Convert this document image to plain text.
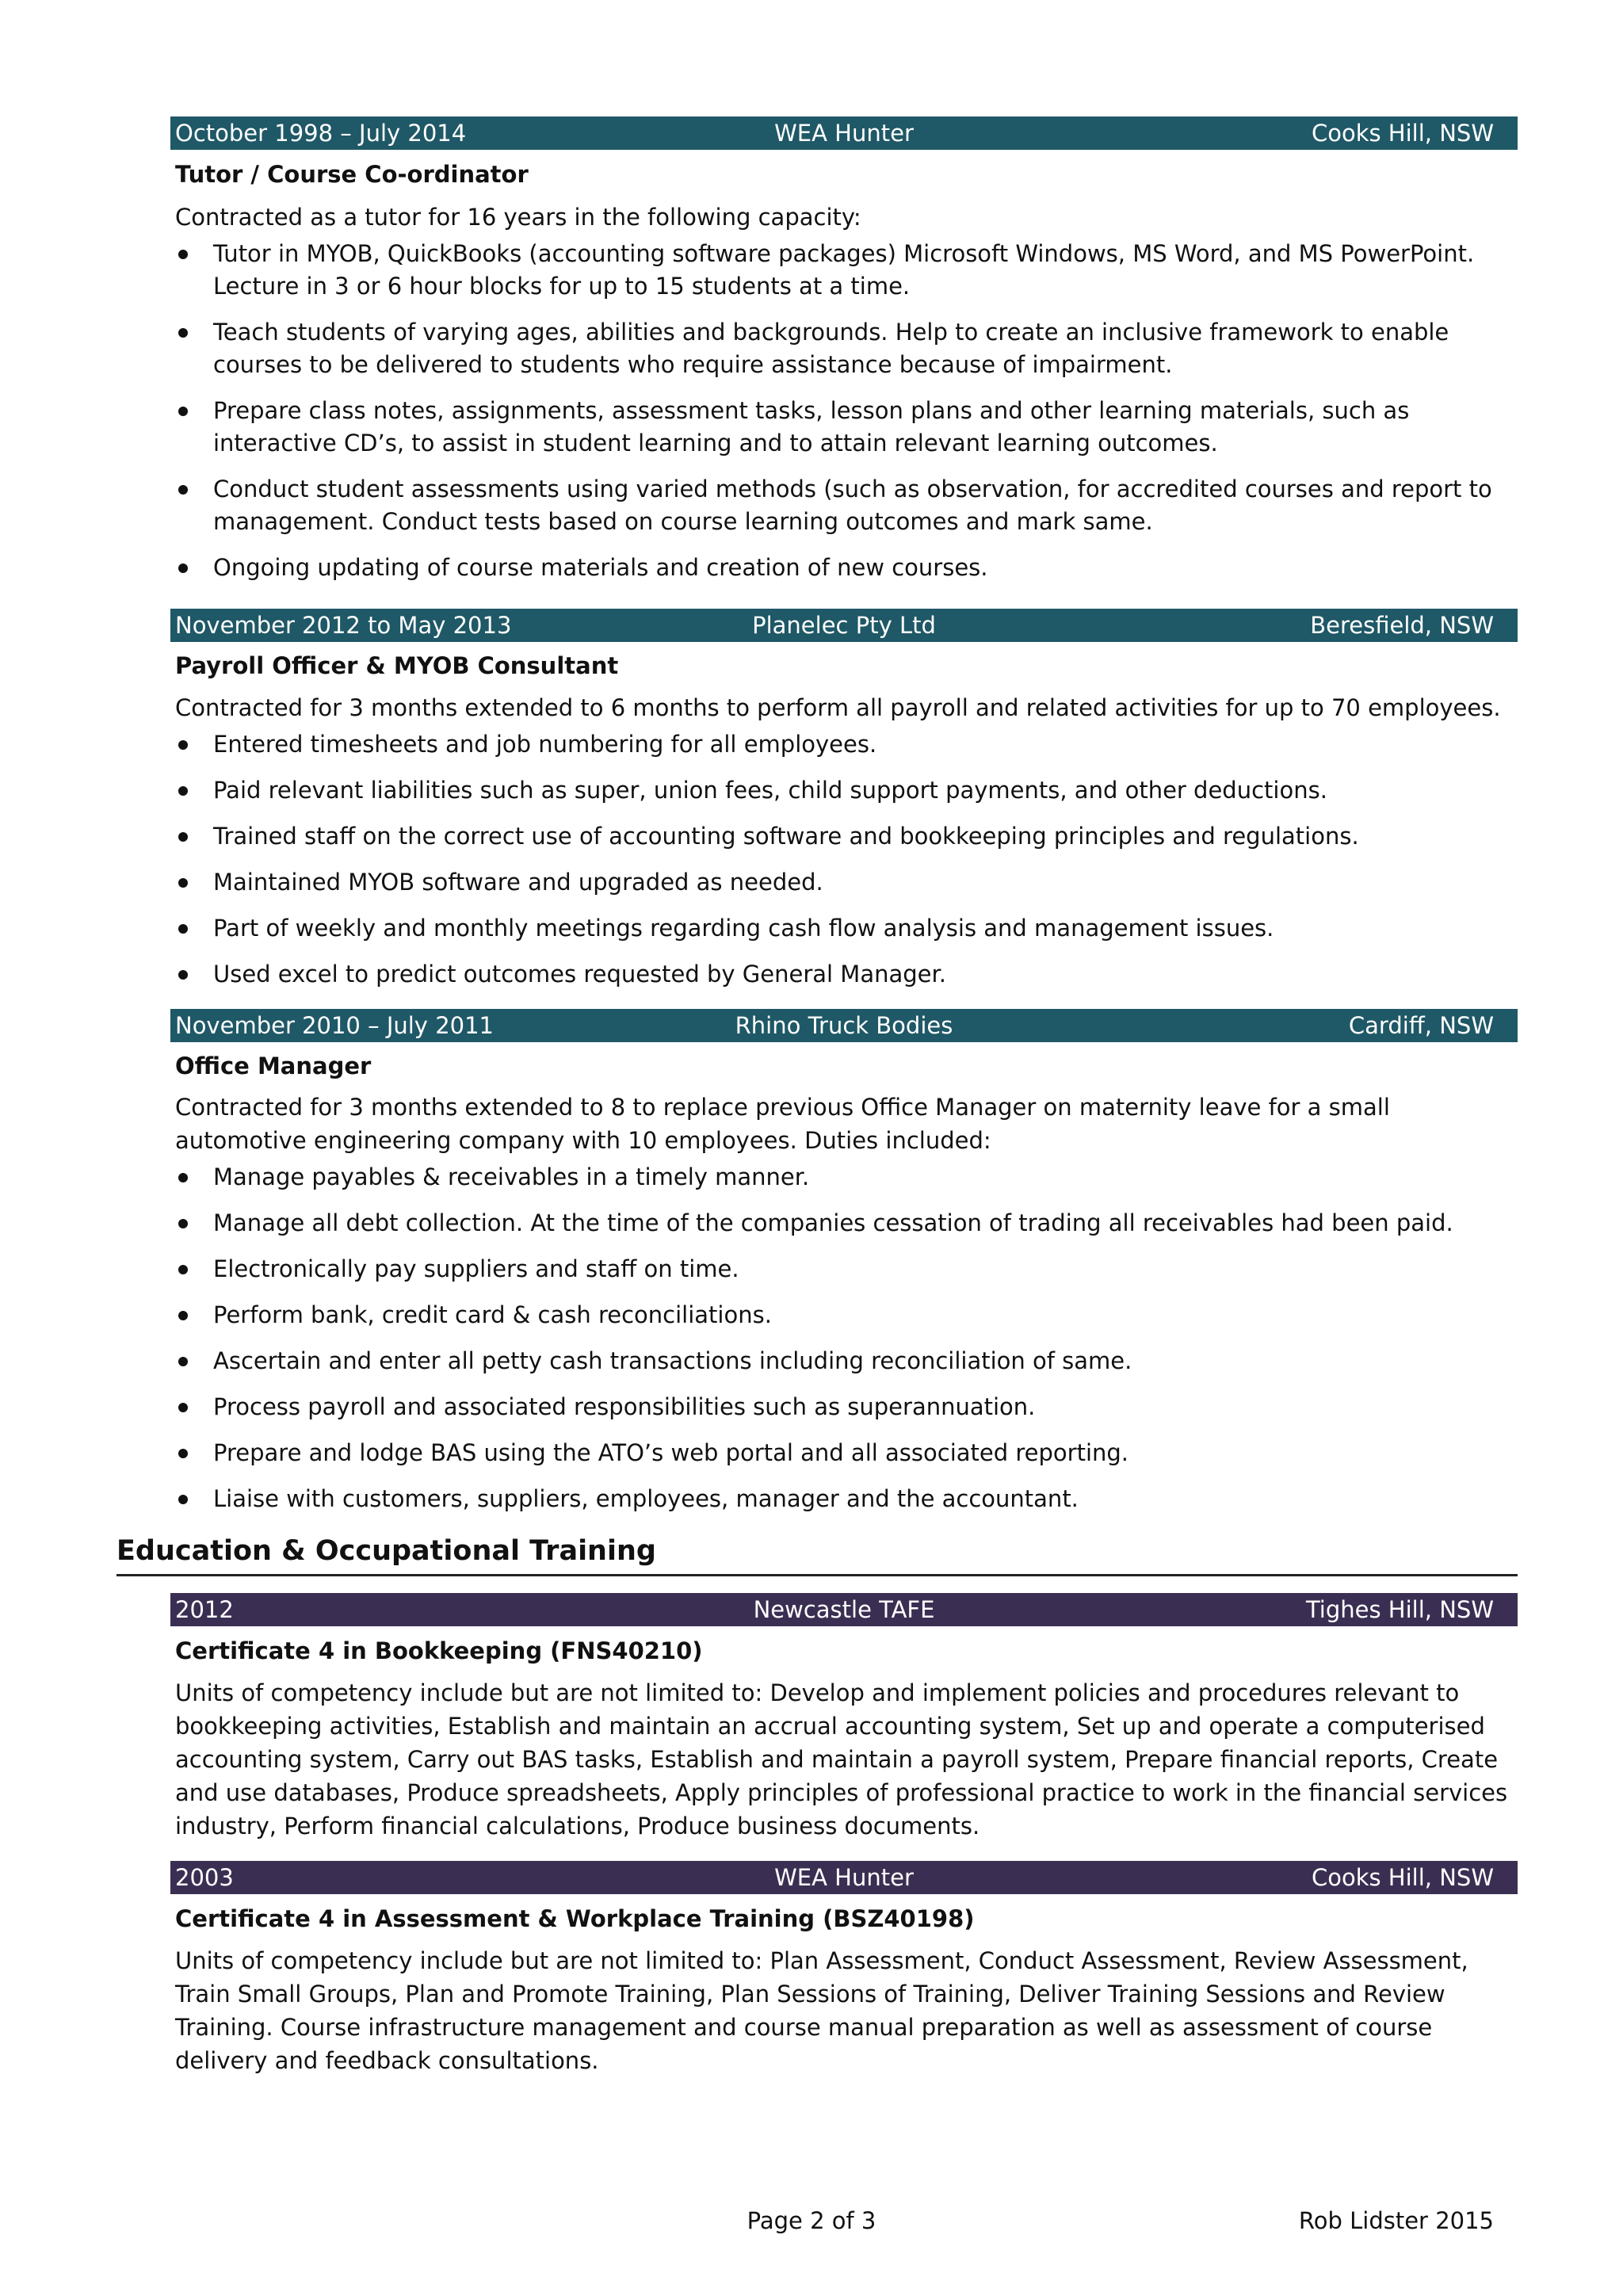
October 1998 – July 2014	WEA Hunter	Cooks Hill, NSW
Tutor / Course Co-ordinator
Contracted as a tutor for 16 years in the following capacity:
Tutor in MYOB, QuickBooks (accounting software packages) Microsoft Windows, MS Word, and MS PowerPoint. Lecture in 3 or 6 hour blocks for up to 15 students at a time.
Teach students of varying ages, abilities and backgrounds. Help to create an inclusive framework to enable courses to be delivered to students who require assistance because of impairment.
Prepare class notes, assignments, assessment tasks, lesson plans and other learning materials, such as interactive CD’s, to assist in student learning and to attain relevant learning outcomes.
Conduct student assessments using varied methods (such as observation, for accredited courses and report to management. Conduct tests based on course learning outcomes and mark same.
Ongoing updating of course materials and creation of new courses.
November 2012 to May 2013	Planelec Pty Ltd	Beresfield, NSW
Payroll Officer & MYOB Consultant
Contracted for 3 months extended to 6 months to perform all payroll and related activities for up to 70 employees.
Entered timesheets and job numbering for all employees.
Paid relevant liabilities such as super, union fees, child support payments, and other deductions.
Trained staff on the correct use of accounting software and bookkeeping principles and regulations.
Maintained MYOB software and upgraded as needed.
Part of weekly and monthly meetings regarding cash flow analysis and management issues.
Used excel to predict outcomes requested by General Manager.
November 2010 – July 2011	Rhino Truck Bodies	Cardiff, NSW
Office Manager
Contracted for 3 months extended to 8 to replace previous Office Manager on maternity leave for a small automotive engineering company with 10 employees. Duties included:
Manage payables & receivables in a timely manner.
Manage all debt collection. At the time of the companies cessation of trading all receivables had been paid.
Electronically pay suppliers and staff on time.
Perform bank, credit card & cash reconciliations.
Ascertain and enter all petty cash transactions including reconciliation of same.
Process payroll and associated responsibilities such as superannuation.
Prepare and lodge BAS using the ATO’s web portal and all associated reporting.
Liaise with customers, suppliers, employees, manager and the accountant.
Education & Occupational Training
2012	Newcastle TAFE	Tighes Hill, NSW
Certificate 4 in Bookkeeping (FNS40210)
Units of competency include but are not limited to: Develop and implement policies and procedures relevant to bookkeeping activities, Establish and maintain an accrual accounting system, Set up and operate a computerised accounting system, Carry out BAS tasks, Establish and maintain a payroll system, Prepare financial reports, Create and use databases, Produce spreadsheets, Apply principles of professional practice to work in the financial services industry, Perform financial calculations, Produce business documents.
2003	WEA Hunter	Cooks Hill, NSW
Certificate 4 in Assessment & Workplace Training (BSZ40198)
Units of competency include but are not limited to: Plan Assessment, Conduct Assessment, Review Assessment, Train Small Groups, Plan and Promote Training, Plan Sessions of Training, Deliver Training Sessions and Review Training. Course infrastructure management and course manual preparation as well as assessment of course delivery and feedback consultations.
Page 2 of 3	Rob Lidster 2015
